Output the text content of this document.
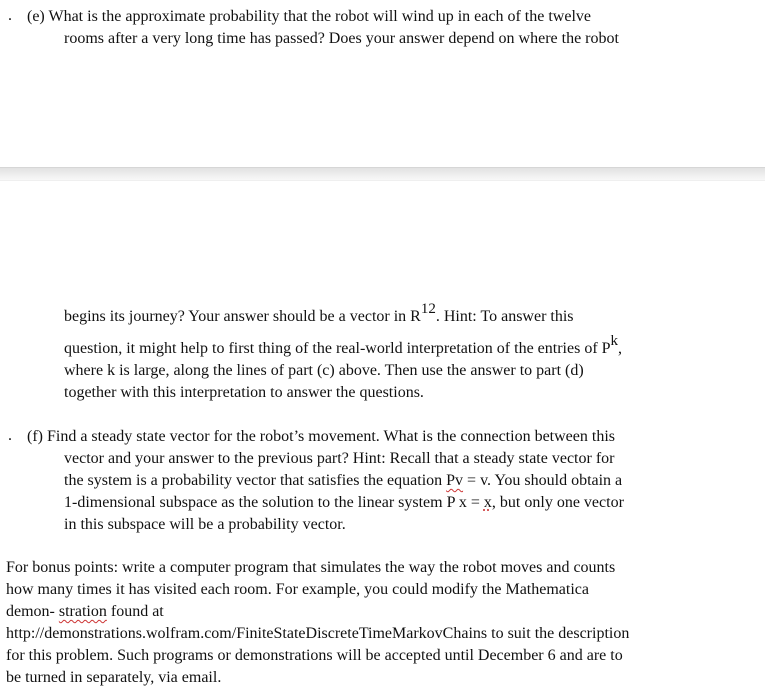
. (e) What is the approximate probability that the robot will wind up in each of the twelve
rooms after a very long time has passed? Does your answer depend on where the robot
begins its journey? Your answer should be a vector in $R^{12}$. Hint: To answer this
question, it might help to first thing of the real-world interpretation of the entries of $P^k$,
where k is large, along the lines of part (c) above. Then use the answer to part (d)
together with this interpretation to answer the questions.
. (f) Find a steady state vector for the robot’s movement. What is the connection between this
vector and your answer to the previous part? Hint: Recall that a steady state vector for
the system is a probability vector that satisfies the equation Pv = v. You should obtain a
1-dimensional subspace as the solution to the linear system P x = x, but only one vector
in this subspace will be a probability vector.
For bonus points: write a computer program that simulates the way the robot moves and counts
how many times it has visited each room. For example, you could modify the Mathematica
demon- stration found at
http://demonstrations.wolfram.com/FiniteStateDiscreteTimeMarkovChains to suit the description
for this problem. Such programs or demonstrations will be accepted until December 6 and are to
be turned in separately, via email.
